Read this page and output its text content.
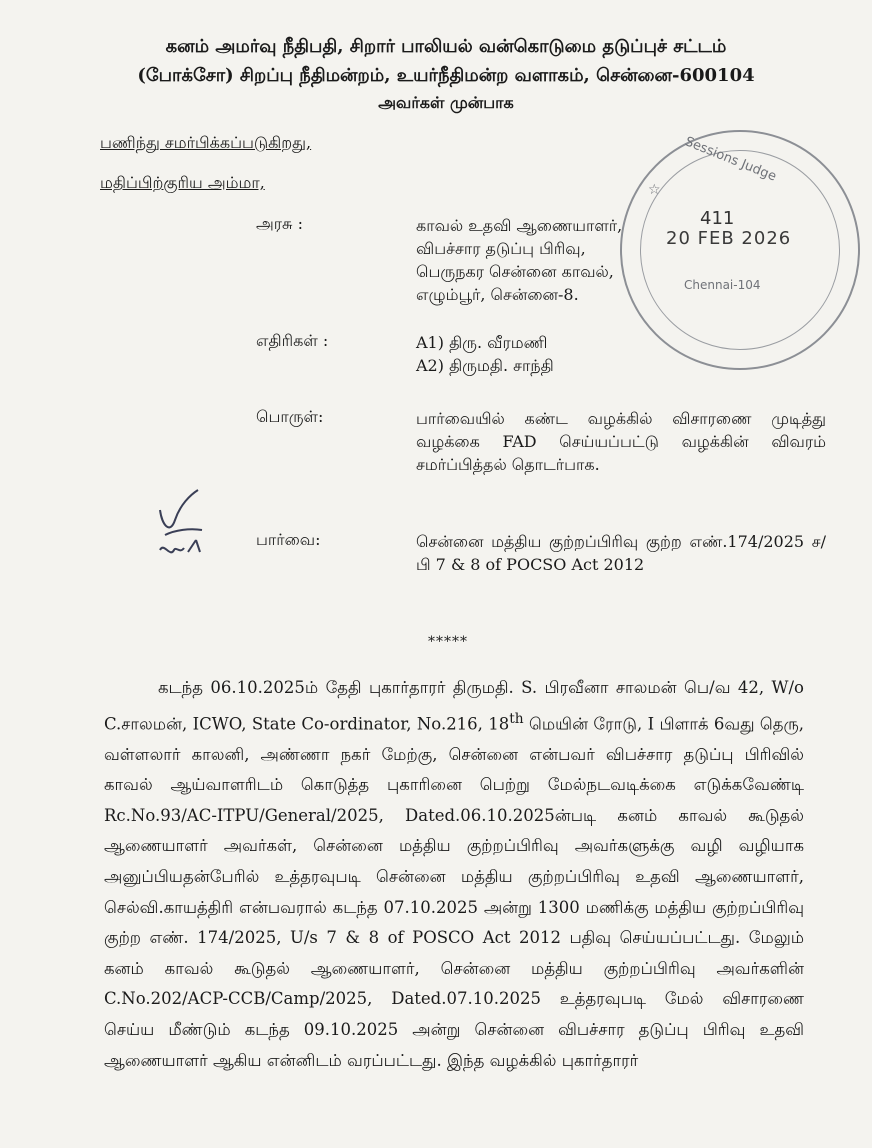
கனம் அமர்வு நீதிபதி, சிறார் பாலியல் வன்கொடுமை தடுப்புச் சட்டம்
(போக்சோ) சிறப்பு நீதிமன்றம், உயர்நீதிமன்ற வளாகம், சென்னை-600104
அவர்கள் முன்பாக
பணிந்து சமர்பிக்கப்படுகிறது,
மதிப்பிற்குரிய அம்மா,
அரசு :	காவல் உதவி ஆணையாளர்,
விபச்சார தடுப்பு பிரிவு,
பெருநகர சென்னை காவல்,
எழும்பூர், சென்னை-8.
எதிரிகள் :	A1) திரு. வீரமணி
A2) திருமதி. சாந்தி
பொருள்:	பார்வையில் கண்ட வழக்கில் விசாரணை முடித்து வழக்கை FAD செய்யப்பட்டு வழக்கின் விவரம் சமர்ப்பித்தல் தொடர்பாக.
பார்வை:	சென்னை மத்திய குற்றப்பிரிவு குற்ற எண்.174/2025 ச/பி 7 & 8 of POCSO Act 2012
*****
கடந்த 06.10.2025ம் தேதி புகார்தாரர் திருமதி. S. பிரவீனா சாலமன் பெ/வ 42, W/o C.சாலமன், ICWO, State Co-ordinator, No.216, 18th மெயின் ரோடு, I பிளாக் 6வது தெரு, வள்ளலார் காலனி, அண்ணா நகர் மேற்கு, சென்னை என்பவர் விபச்சார தடுப்பு பிரிவில் காவல் ஆய்வாளரிடம் கொடுத்த புகாரினை பெற்று மேல்நடவடிக்கை எடுக்கவேண்டி Rc.No.93/AC-ITPU/General/2025, Dated.06.10.2025ன்படி கனம் காவல் கூடுதல் ஆணையாளர் அவர்கள், சென்னை மத்திய குற்றப்பிரிவு அவர்களுக்கு வழி வழியாக அனுப்பியதன்பேரில் உத்தரவுபடி சென்னை மத்திய குற்றப்பிரிவு உதவி ஆணையாளர், செல்வி.காயத்திரி என்பவரால் கடந்த 07.10.2025 அன்று 1300 மணிக்கு மத்திய குற்றப்பிரிவு குற்ற எண். 174/2025, U/s 7 & 8 of POSCO Act 2012 பதிவு செய்யப்பட்டது. மேலும் கனம் காவல் கூடுதல் ஆணையாளர், சென்னை மத்திய குற்றப்பிரிவு அவர்களின் C.No.202/ACP-CCB/Camp/2025, Dated.07.10.2025 உத்தரவுபடி மேல் விசாரணை செய்ய மீண்டும் கடந்த 09.10.2025 அன்று சென்னை விபச்சார தடுப்பு பிரிவு உதவி ஆணையாளர் ஆகிய என்னிடம் வரப்பட்டது. இந்த வழக்கில் புகார்தாரர்
☆
Sessions Judge
411
20 FEB 2026
Chennai-104
